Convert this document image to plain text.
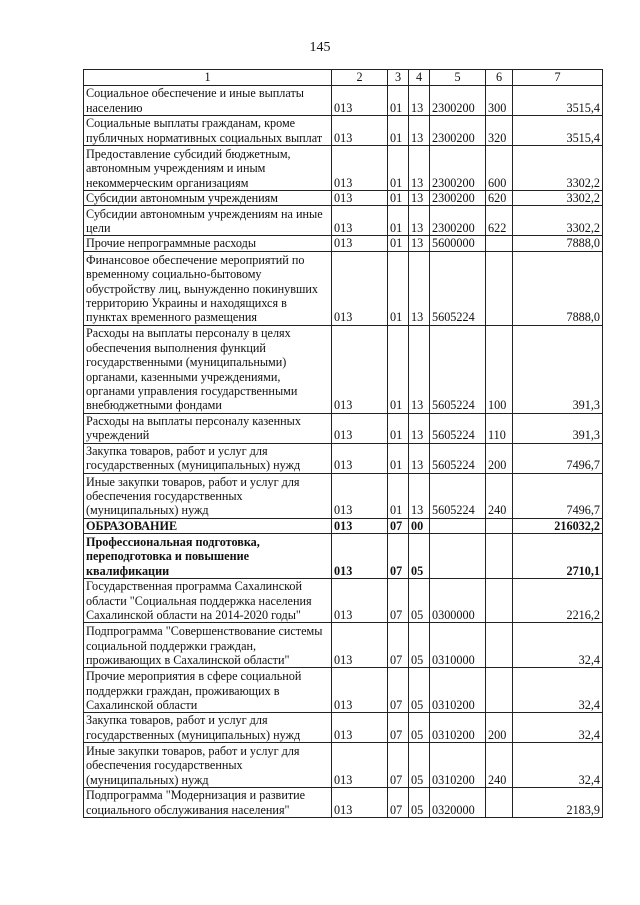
145
1	2	3	4	5	6	7
Социальное обеспечение и иные выплаты населению	013	01	13	2300200	300	3515,4
Социальные выплаты гражданам, кроме публичных нормативных социальных выплат	013	01	13	2300200	320	3515,4
Предоставление субсидий бюджетным, автономным учреждениям и иным некоммерческим организациям	013	01	13	2300200	600	3302,2
Субсидии автономным учреждениям	013	01	13	2300200	620	3302,2
Субсидии автономным учреждениям на иные цели	013	01	13	2300200	622	3302,2
Прочие непрограммные расходы	013	01	13	5600000		7888,0
Финансовое обеспечение мероприятий по временному социально-бытовому обустройству лиц, вынужденно покинувших территорию Украины и находящихся в пунктах временного размещения	013	01	13	5605224		7888,0
Расходы на выплаты персоналу в целях обеспечения выполнения функций государственными (муниципальными) органами, казенными учреждениями, органами управления государственными внебюджетными фондами	013	01	13	5605224	100	391,3
Расходы на выплаты персоналу казенных учреждений	013	01	13	5605224	110	391,3
Закупка товаров, работ и услуг для государственных (муниципальных) нужд	013	01	13	5605224	200	7496,7
Иные закупки товаров, работ и услуг для обеспечения государственных (муниципальных) нужд	013	01	13	5605224	240	7496,7
ОБРАЗОВАНИЕ	013	07	00			216032,2
Профессиональная подготовка, переподготовка и повышение квалификации	013	07	05			2710,1
Государственная программа Сахалинской области "Социальная поддержка населения Сахалинской области на 2014-2020 годы"	013	07	05	0300000		2216,2
Подпрограмма "Совершенствование системы социальной поддержки граждан, проживающих в Сахалинской области"	013	07	05	0310000		32,4
Прочие мероприятия в сфере социальной поддержки граждан, проживающих в Сахалинской области	013	07	05	0310200		32,4
Закупка товаров, работ и услуг для государственных (муниципальных) нужд	013	07	05	0310200	200	32,4
Иные закупки товаров, работ и услуг для обеспечения государственных (муниципальных) нужд	013	07	05	0310200	240	32,4
Подпрограмма "Модернизация и развитие социального обслуживания населения"	013	07	05	0320000		2183,9
